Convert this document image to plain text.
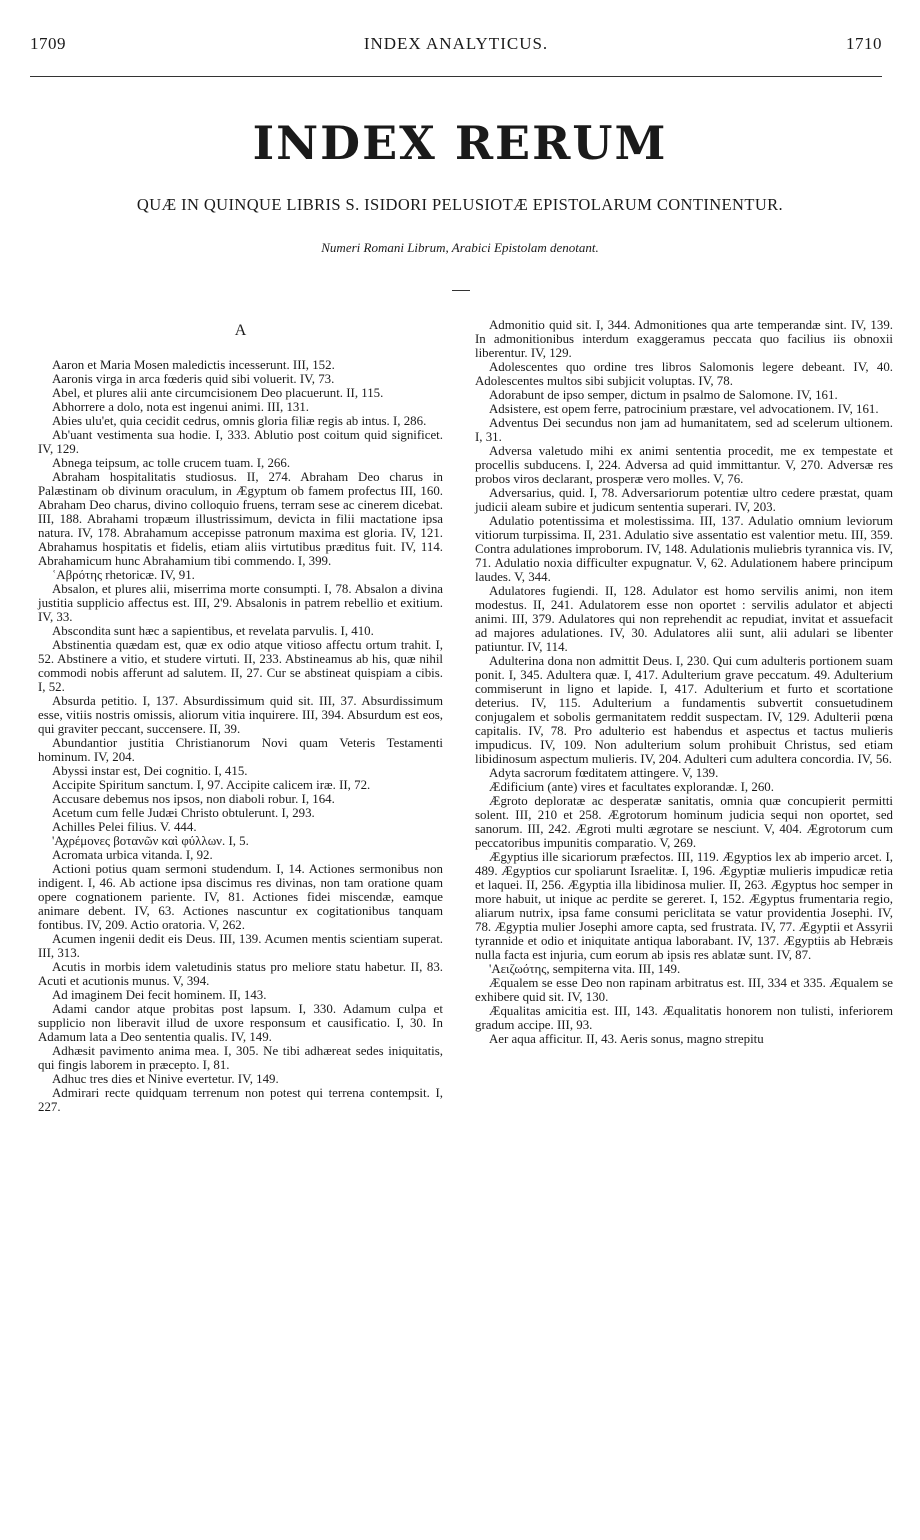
1709	INDEX ANALYTICUS.	1710
INDEX RERUM
QUÆ IN QUINQUE LIBRIS S. ISIDORI PELUSIOTÆ EPISTOLARUM CONTINENTUR.
Numeri Romani Librum, Arabici Epistolam denotant.
A

Aaron et Maria Mosen maledictis incesserunt. III, 152.

Aaronis virga in arca fœderis quid sibi voluerit. IV, 73.

Abel, et plures alii ante circumcisionem Deo placuerunt. II, 115.

Abhorrere a dolo, nota est ingenui animi. III, 131.

Abies ulu'et, quia cecidit cedrus, omnis gloria filiæ regis ab intus. I, 286.

Ab'uant vestimenta sua hodie. I, 333. Ablutio post coitum quid significet. IV, 129.

Abnega teipsum, ac tolle crucem tuam. I, 266.

Abraham hospitalitatis studiosus. II, 274. Abraham Deo charus in Palæstinam ob divinum oraculum, in Ægyptum ob famem profectus III, 160. Abraham Deo charus, divino colloquio fruens, terram sese ac cinerem dicebat. III, 188. Abrahami tropæum illustrissimum, devicta in filii mactatione ipsa natura. IV, 178. Abrahamum accepisse patronum maxima est gloria. IV, 121. Abrahamus hospitatis et fidelis, etiam aliis virtutibus præditus fuit. IV, 114. Abrahamicum hunc Abrahamium tibi commendo. I, 399.

ʿΑβρότης rhetoricæ. IV, 91.

Absalon, et plures alii, miserrima morte consumpti. I, 78. Absalon a divina justitia supplicio affectus est. III, 2'9. Absalonis in patrem rebellio et exitium. IV, 33.

Abscondita sunt hæc a sapientibus, et revelata parvulis. I, 410.

Abstinentia quædam est, quæ ex odio atque vitioso affectu ortum trahit. I, 52. Abstinere a vitio, et studere virtuti. II, 233. Abstineamus ab his, quæ nihil commodi nobis afferunt ad salutem. II, 27. Cur se abstineat quispiam a cibis. I, 52.

Absurda petitio. I, 137. Absurdissimum quid sit. III, 37. Absurdissimum esse, vitiis nostris omissis, aliorum vitia inquirere. III, 394. Absurdum est eos, qui graviter peccant, succensere. II, 39.

Abundantior justitia Christianorum Novi quam Veteris Testamenti hominum. IV, 204.

Abyssi instar est, Dei cognitio. I, 415.

Accipite Spiritum sanctum. I, 97. Accipite calicem iræ. II, 72.

Accusare debemus nos ipsos, non diaboli robur. I, 164.

Acetum cum felle Judæi Christo obtulerunt. I, 293.

Achilles Pelei filius. V. 444.

'Αχρέμονες βοτανῶν καὶ φύλλων. I, 5.

Acromata urbica vitanda. I, 92.

Actioni potius quam sermoni studendum. I, 14. Actiones sermonibus non indigent. I, 46. Ab actione ipsa discimus res divinas, non tam oratione quam opere cognationem pariente. IV, 81. Actiones fidei miscendæ, eamque animare debent. IV, 63. Actiones nascuntur ex cogitationibus tanquam fontibus. IV, 209. Actio oratoria. V, 262.

Acumen ingenii dedit eis Deus. III, 139. Acumen mentis scientiam superat. III, 313.

Acutis in morbis idem valetudinis status pro meliore statu habetur. II, 83. Acuti et acutionis munus. V, 394.

Ad imaginem Dei fecit hominem. II, 143.

Adami candor atque probitas post lapsum. I, 330. Adamum culpa et supplicio non liberavit illud de uxore responsum et causificatio. I, 30. In Adamum lata a Deo sententia qualis. IV, 149.

Adhæsit pavimento anima mea. I, 305. Ne tibi adhæreat sedes iniquitatis, qui fingis laborem in præcepto. I, 81.

Adhuc tres dies et Ninive evertetur. IV, 149.

Admirari recte quidquam terrenum non potest qui terrena contempsit. I, 227.

Admonitio quid sit. I, 344. Admonitiones qua arte temperandæ sint. IV, 139. In admonitionibus interdum exaggeramus peccata quo facilius iis obnoxii liberentur. IV, 129.

Adolescentes quo ordine tres libros Salomonis legere debeant. IV, 40. Adolescentes multos sibi subjicit voluptas. IV, 78.

Adorabunt de ipso semper, dictum in psalmo de Salomone. IV, 161.

Adsistere, est opem ferre, patrocinium præstare, vel advocationem. IV, 161.

Adventus Dei secundus non jam ad humanitatem, sed ad scelerum ultionem. I, 31.

Adversa valetudo mihi ex animi sententia procedit, me ex tempestate et procellis subducens. I, 224. Adversa ad quid immittantur. V, 270. Adversæ res probos viros declarant, prosperæ vero molles. V, 76.

Adversarius, quid. I, 78. Adversariorum potentiæ ultro cedere præstat, quam judicii aleam subire et judicum sententia superari. IV, 203.

Adulatio potentissima et molestissima. III, 137. Adulatio omnium leviorum vitiorum turpissima. II, 231. Adulatio sive assentatio est valentior metu. III, 359. Contra adulationes improborum. IV, 148. Adulationis muliebris tyrannica vis. IV, 71. Adulatio noxia difficulter expugnatur. V, 62. Adulationem habere principum laudes. V, 344.

Adulatores fugiendi. II, 128. Adulator est homo servilis animi, non item modestus. II, 241. Adulatorem esse non oportet : servilis adulator et abjecti animi. III, 379. Adulatores qui non reprehendit ac repudiat, invitat et assuefacit ad majores adulationes. IV, 30. Adulatores alii sunt, alii adulari se libenter patiuntur. IV, 114.

Adulterina dona non admittit Deus. I, 230. Qui cum adulteris portionem suam ponit. I, 345. Adultera quæ. I, 417. Adulterium grave peccatum. 49. Adulterium commiserunt in ligno et lapide. I, 417. Adulterium et furto et scortatione deterius. IV, 115. Adulterium a fundamentis subvertit consuetudinem conjugalem et sobolis germanitatem reddit suspectam. IV, 129. Adulterii pœna capitalis. IV, 78. Pro adulterio est habendus et aspectus et tactus mulieris impudicus. IV, 109. Non adulterium solum prohibuit Christus, sed etiam libidinosum aspectum mulieris. IV, 204. Adulteri cum adultera concordia. IV, 56.

Adyta sacrorum fœditatem attingere. V, 139.

Ædificium (ante) vires et facultates explorandæ. I, 260.

Ægroto deploratæ ac desperatæ sanitatis, omnia quæ concupierit permitti solent. III, 210 et 258. Ægrotorum hominum judicia sequi non oportet, sed sanorum. III, 242. Ægroti multi ægrotare se nesciunt. V, 404. Ægrotorum cum peccatoribus impunitis comparatio. V, 269.

Ægyptius ille sicariorum præfectos. III, 119. Ægyptios lex ab imperio arcet. I, 489. Ægyptios cur spoliarunt Israelitæ. I, 196. Ægyptiæ mulieris impudicæ retia et laquei. II, 256. Ægyptia illa libidinosa mulier. II, 263. Ægyptus hoc semper in more habuit, ut inique ac perdite se gereret. I, 152. Ægyptus frumentaria regio, aliarum nutrix, ipsa fame consumi periclitata se vatur providentia Josephi. IV, 78. Ægyptia mulier Josephi amore capta, sed frustrata. IV, 77. Ægyptii et Assyrii tyrannide et odio et iniquitate antiqua laborabant. IV, 137. Ægyptiis ab Hebræis nulla facta est injuria, cum eorum ab ipsis res ablatæ sunt. IV, 87.

'Αειζωότης, sempiterna vita. III, 149.

Æqualem se esse Deo non rapinam arbitratus est. III, 334 et 335. Æqualem se exhibere quid sit. IV, 130.

Æqualitas amicitia est. III, 143. Æqualitatis honorem non tulisti, inferiorem gradum accipe. III, 93.

Aer aqua afficitur. II, 43. Aeris sonus, magno strepitu
